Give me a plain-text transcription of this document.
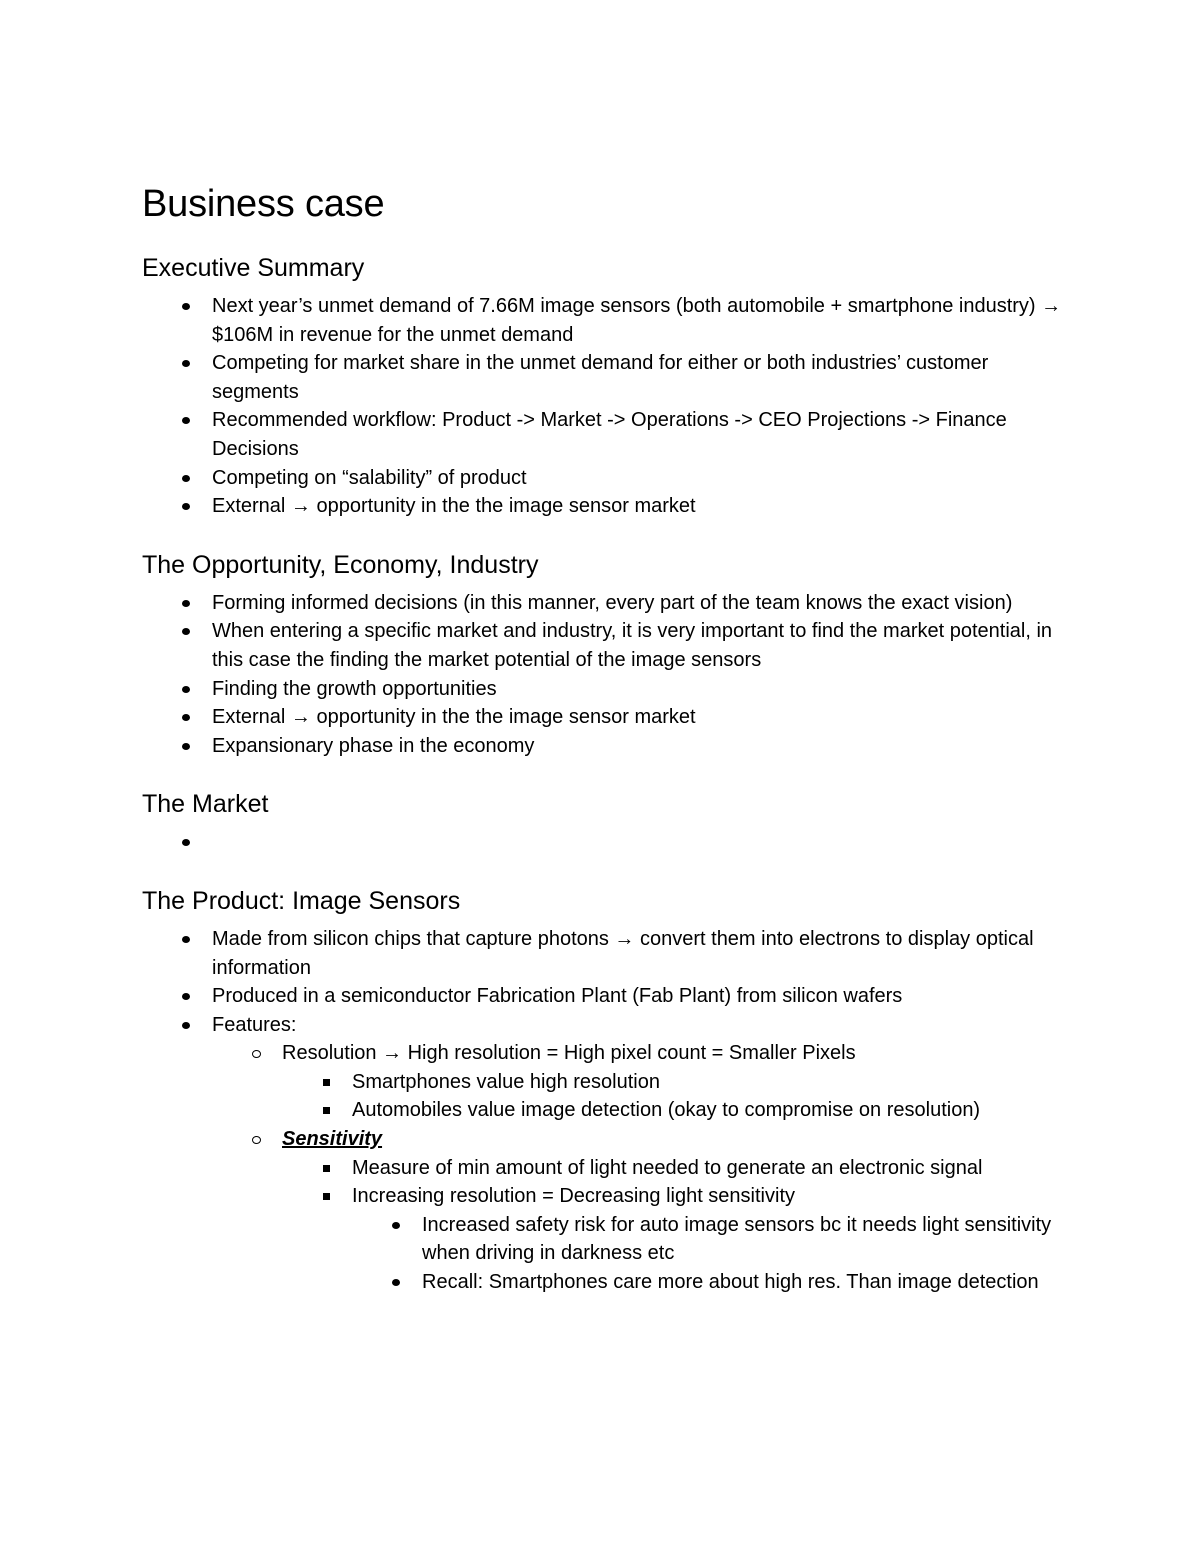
Business case
Executive Summary
Next year’s unmet demand of 7.66M image sensors (both automobile + smartphone industry) → $106M in revenue for the unmet demand
Competing for market share in the unmet demand for either or both industries’ customer segments
Recommended workflow: Product -> Market -> Operations -> CEO Projections -> Finance Decisions
Competing on “salability” of product
External → opportunity in the the image sensor market
The Opportunity, Economy, Industry
Forming informed decisions (in this manner, every part of the team knows the exact vision)
When entering a specific market and industry, it is very important to find the market potential, in this case the finding the market potential of the image sensors
Finding the growth opportunities
External → opportunity in the the image sensor market
Expansionary phase in the economy
The Market
The Product: Image Sensors
Made from silicon chips that capture photons → convert them into electrons to display optical information
Produced in a semiconductor Fabrication Plant (Fab Plant) from silicon wafers
Features:
Resolution → High resolution = High pixel count = Smaller Pixels
Smartphones value high resolution
Automobiles value image detection (okay to compromise on resolution)
Sensitivity
Measure of min amount of light needed to generate an electronic signal
Increasing resolution = Decreasing light sensitivity
Increased safety risk for auto image sensors bc it needs light sensitivity when driving in darkness etc
Recall: Smartphones care more about high res. Than image detection
